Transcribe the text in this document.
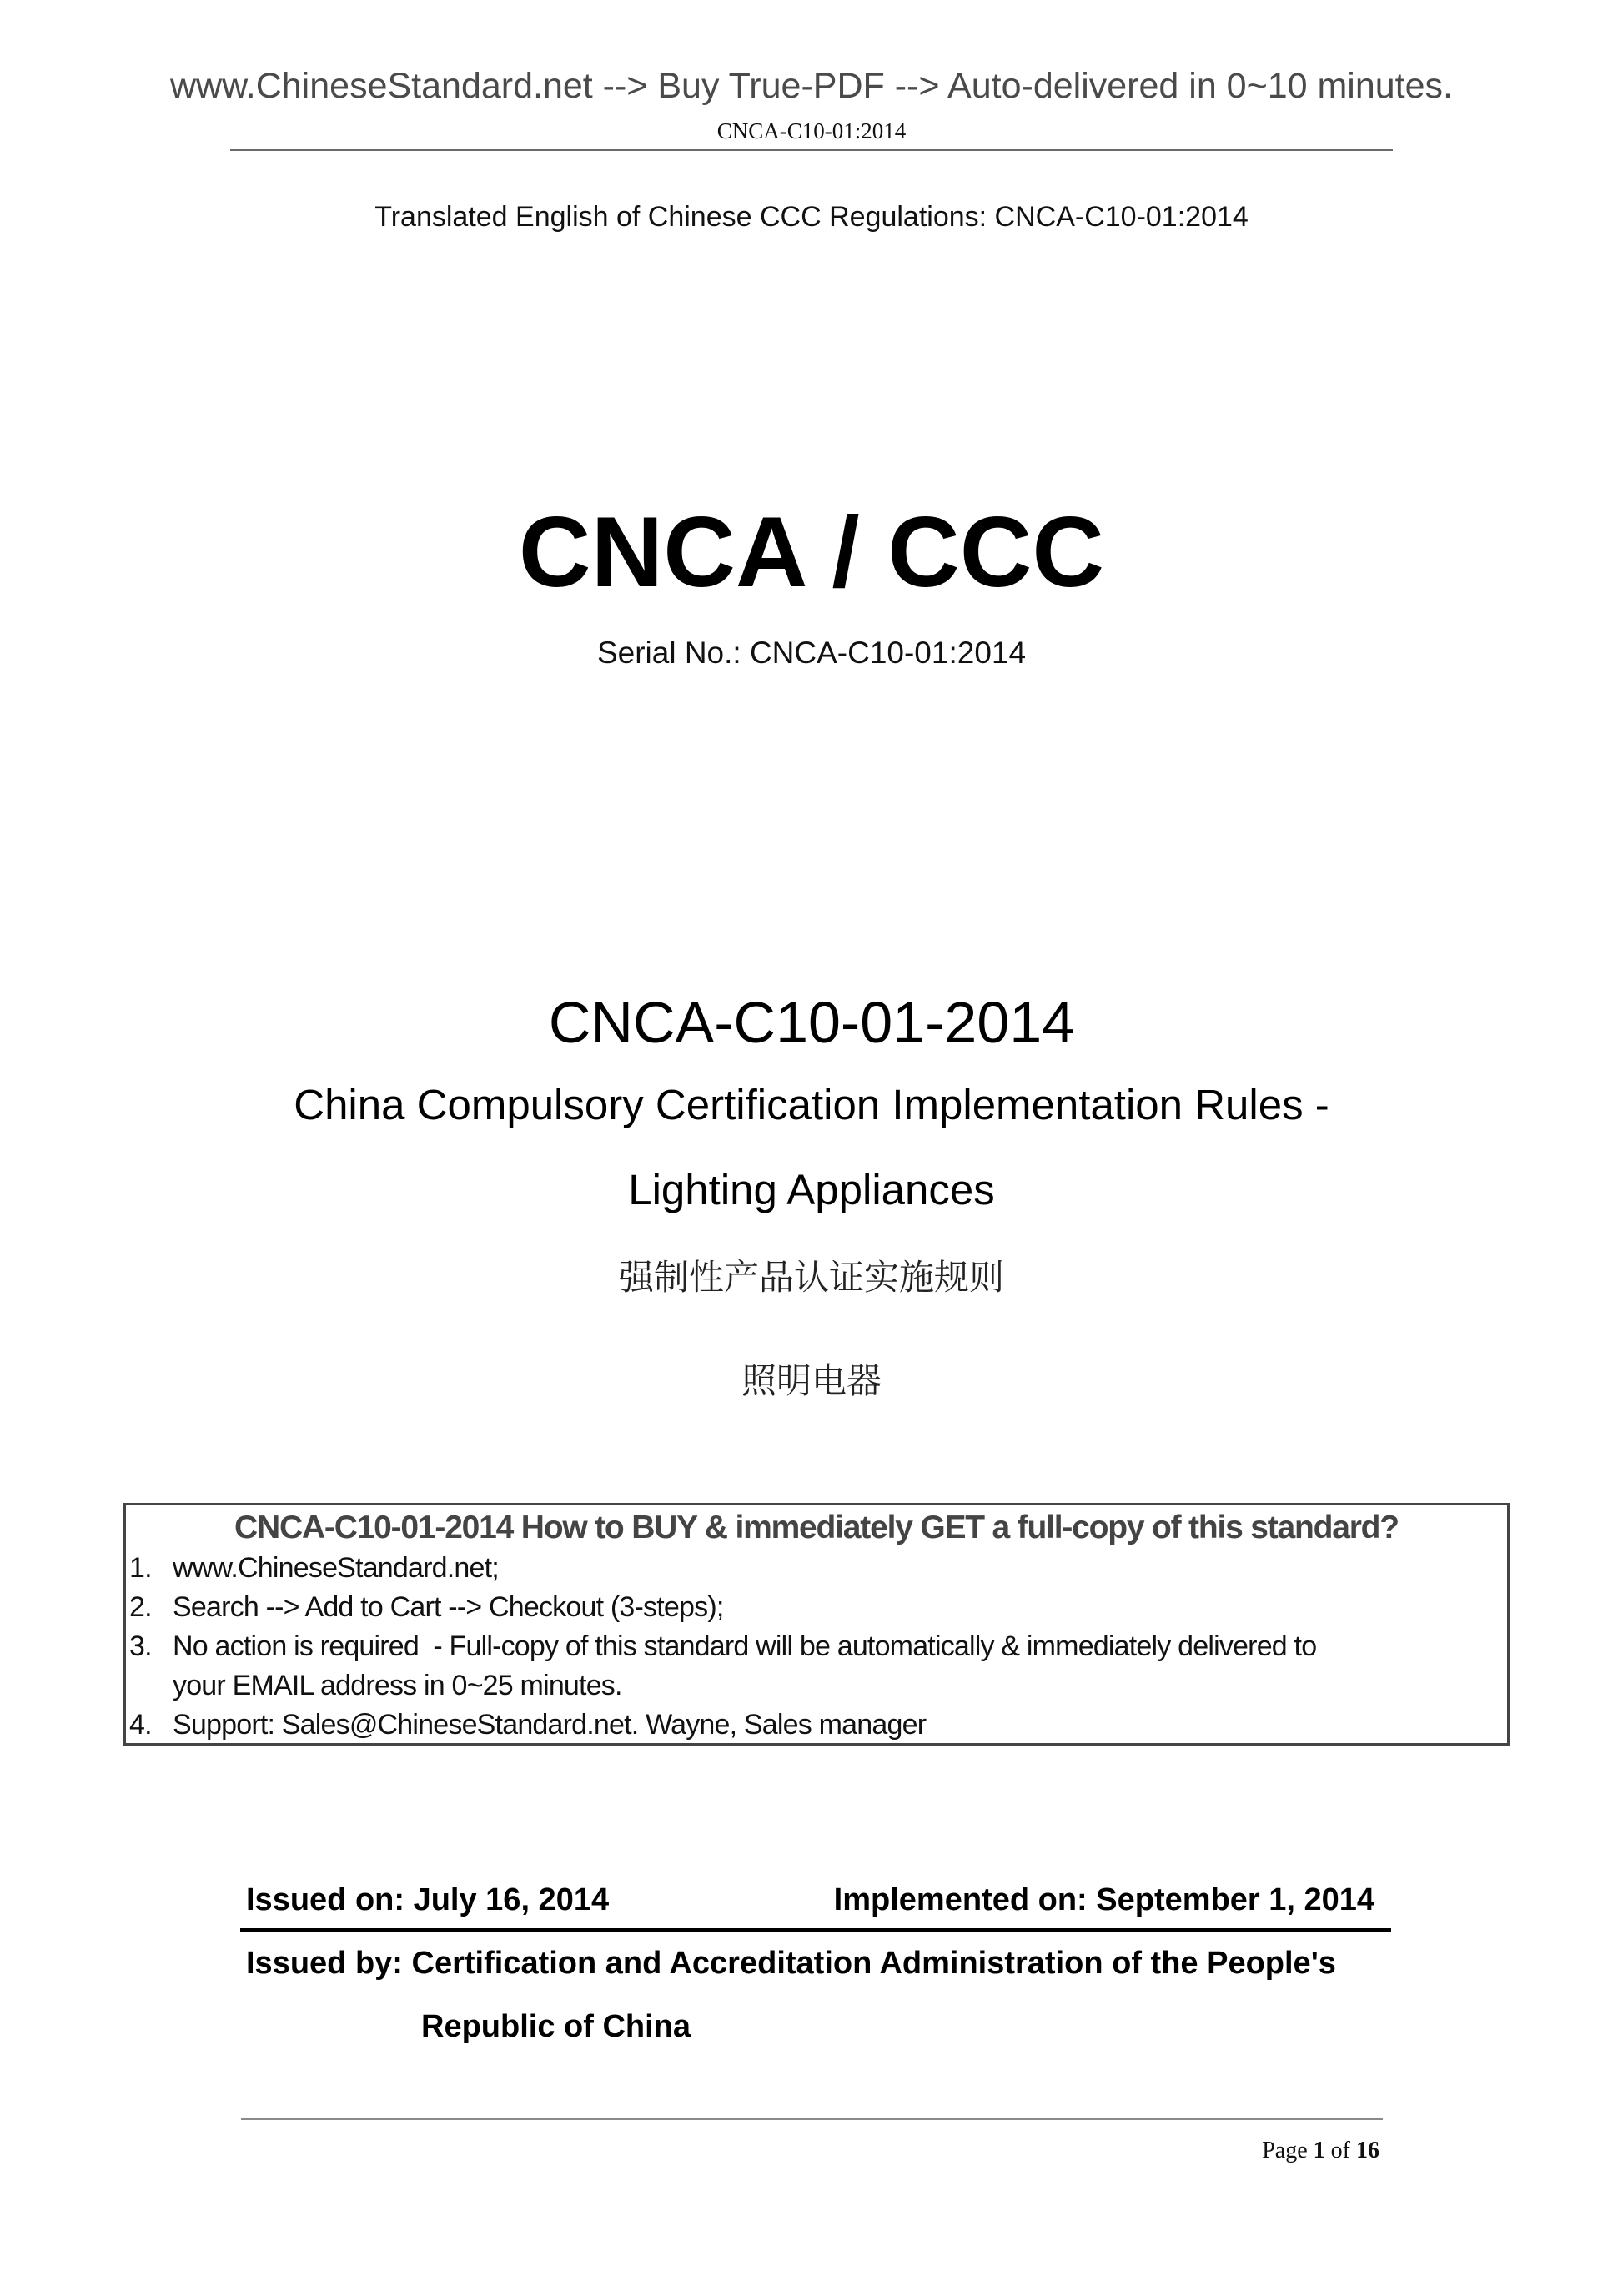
www.ChineseStandard.net --> Buy True-PDF --> Auto-delivered in 0~10 minutes.
CNCA-C10-01:2014
Translated English of Chinese CCC Regulations: CNCA-C10-01:2014
CNCA / CCC
Serial No.: CNCA-C10-01:2014
CNCA-C10-01-2014
China Compulsory Certification Implementation Rules -
Lighting Appliances
强制性产品认证实施规则
照明电器
CNCA-C10-01-2014 How to BUY & immediately GET a full-copy of this standard?
1. www.ChineseStandard.net;
2. Search --> Add to Cart --> Checkout (3-steps);
3. No action is required  - Full-copy of this standard will be automatically & immediately delivered to
your EMAIL address in 0~25 minutes.
4. Support: Sales@ChineseStandard.net. Wayne, Sales manager
Issued on: July 16, 2014	Implemented on: September 1, 2014
Issued by: Certification and Accreditation Administration of the People's
Republic of China
Page 1 of 16
